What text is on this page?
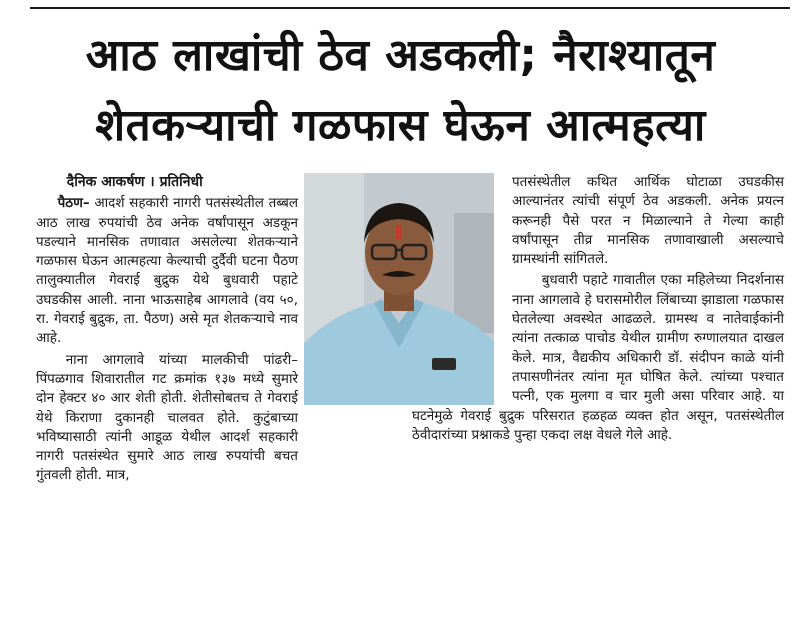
आठ लाखांची ठेव अडकली; नैराश्यातून
शेतकऱ्याची गळफास घेऊन आत्महत्या

दैनिक आकर्षण । प्रतिनिधी

पैठण– आदर्श सहकारी नागरी पतसंस्थेतील तब्बल आठ लाख रुपयांची ठेव अनेक वर्षांपासून अडकून पडल्याने मानसिक तणावात असलेल्या शेतकऱ्याने गळफास घेऊन आत्महत्या केल्याची दुर्दैवी घटना पैठण तालुक्यातील गेवराई बुद्रुक येथे बुधवारी पहाटे उघडकीस आली. नाना भाऊसाहेब आगलावे (वय ५०, रा. गेवराई बुद्रुक, ता. पैठण) असे मृत शेतकऱ्याचे नाव आहे.

नाना आगलावे यांच्या मालकीची पांढरी–पिंपळगाव शिवारातील गट क्रमांक १३७ मध्ये सुमारे दोन हेक्टर ४० आर शेती होती. शेतीसोबतच ते गेवराई येथे किराणा दुकानही चालवत होते. कुटुंबाच्या भविष्यासाठी त्यांनी आडूळ येथील आदर्श सहकारी नागरी पतसंस्थेत सुमारे आठ लाख रुपयांची बचत गुंतवली होती. मात्र,

पतसंस्थेतील कथित आर्थिक घोटाळा उघडकीस आल्यानंतर त्यांची संपूर्ण ठेव अडकली. अनेक प्रयत्न करूनही पैसे परत न मिळाल्याने ते गेल्या काही वर्षांपासून तीव्र मानसिक तणावाखाली असल्याचे ग्रामस्थांनी सांगितले.

बुधवारी पहाटे गावातील एका महिलेच्या निदर्शनास नाना आगलावे हे घरासमोरील लिंबाच्या झाडाला गळफास घेतलेल्या अवस्थेत आढळले. ग्रामस्थ व नातेवाईकांनी त्यांना तत्काळ पाचोड येथील ग्रामीण रुग्णालयात दाखल केले. मात्र, वैद्यकीय अधिकारी डॉ. संदीपन काळे यांनी तपासणीनंतर त्यांना मृत घोषित केले. त्यांच्या पश्चात पत्नी, एक मुलगा व चार मुली असा परिवार आहे. या घटनेमुळे गेवराई बुद्रुक परिसरात हळहळ व्यक्त होत असून, पतसंस्थेतील ठेवीदारांच्या प्रश्नाकडे पुन्हा एकदा लक्ष वेधले गेले आहे.
